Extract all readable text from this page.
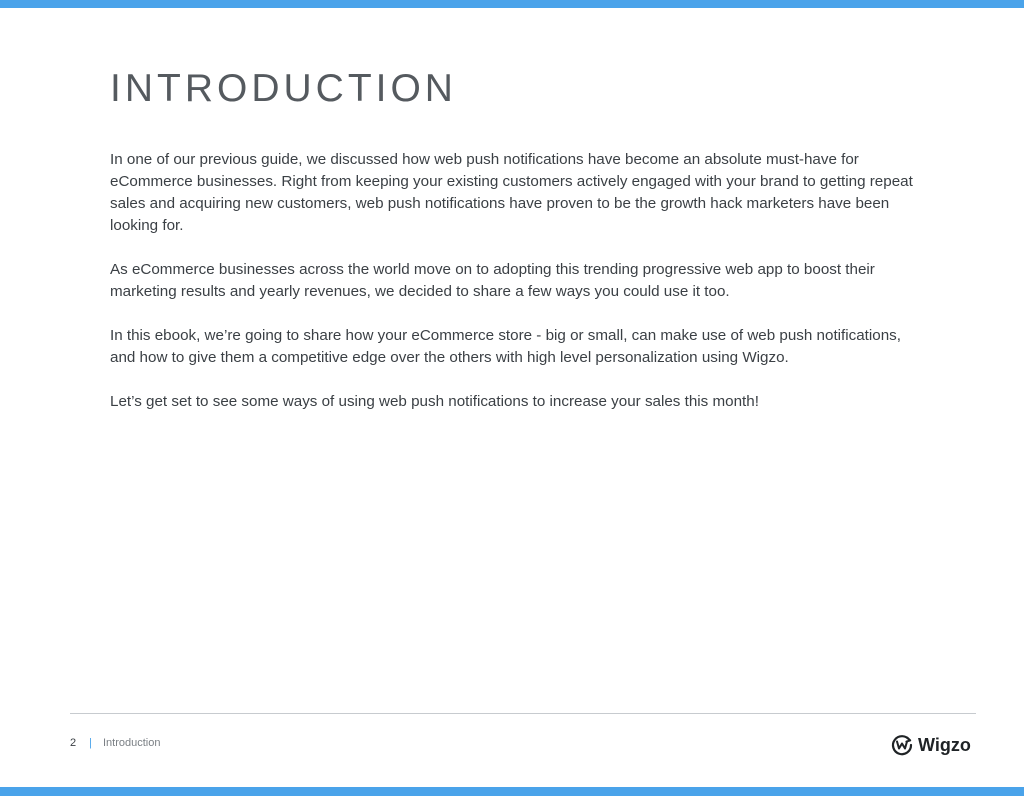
INTRODUCTION

In one of our previous guide, we discussed how web push notifications have become an absolute must-have for eCommerce businesses. Right from keeping your existing customers actively engaged with your brand to getting repeat sales and acquiring new customers, web push notifications have proven to be the growth hack marketers have been looking for.

As eCommerce businesses across the world move on to adopting this trending progressive web app to boost their marketing results and yearly revenues, we decided to share a few ways you could use it too.

In this ebook, we’re going to share how your eCommerce store - big or small, can make use of web push notifications, and how to give them a competitive edge over the others with high level personalization using Wigzo.

Let’s get set to see some ways of using web push notifications to increase your sales this month!

2 | Introduction	Wigzo
